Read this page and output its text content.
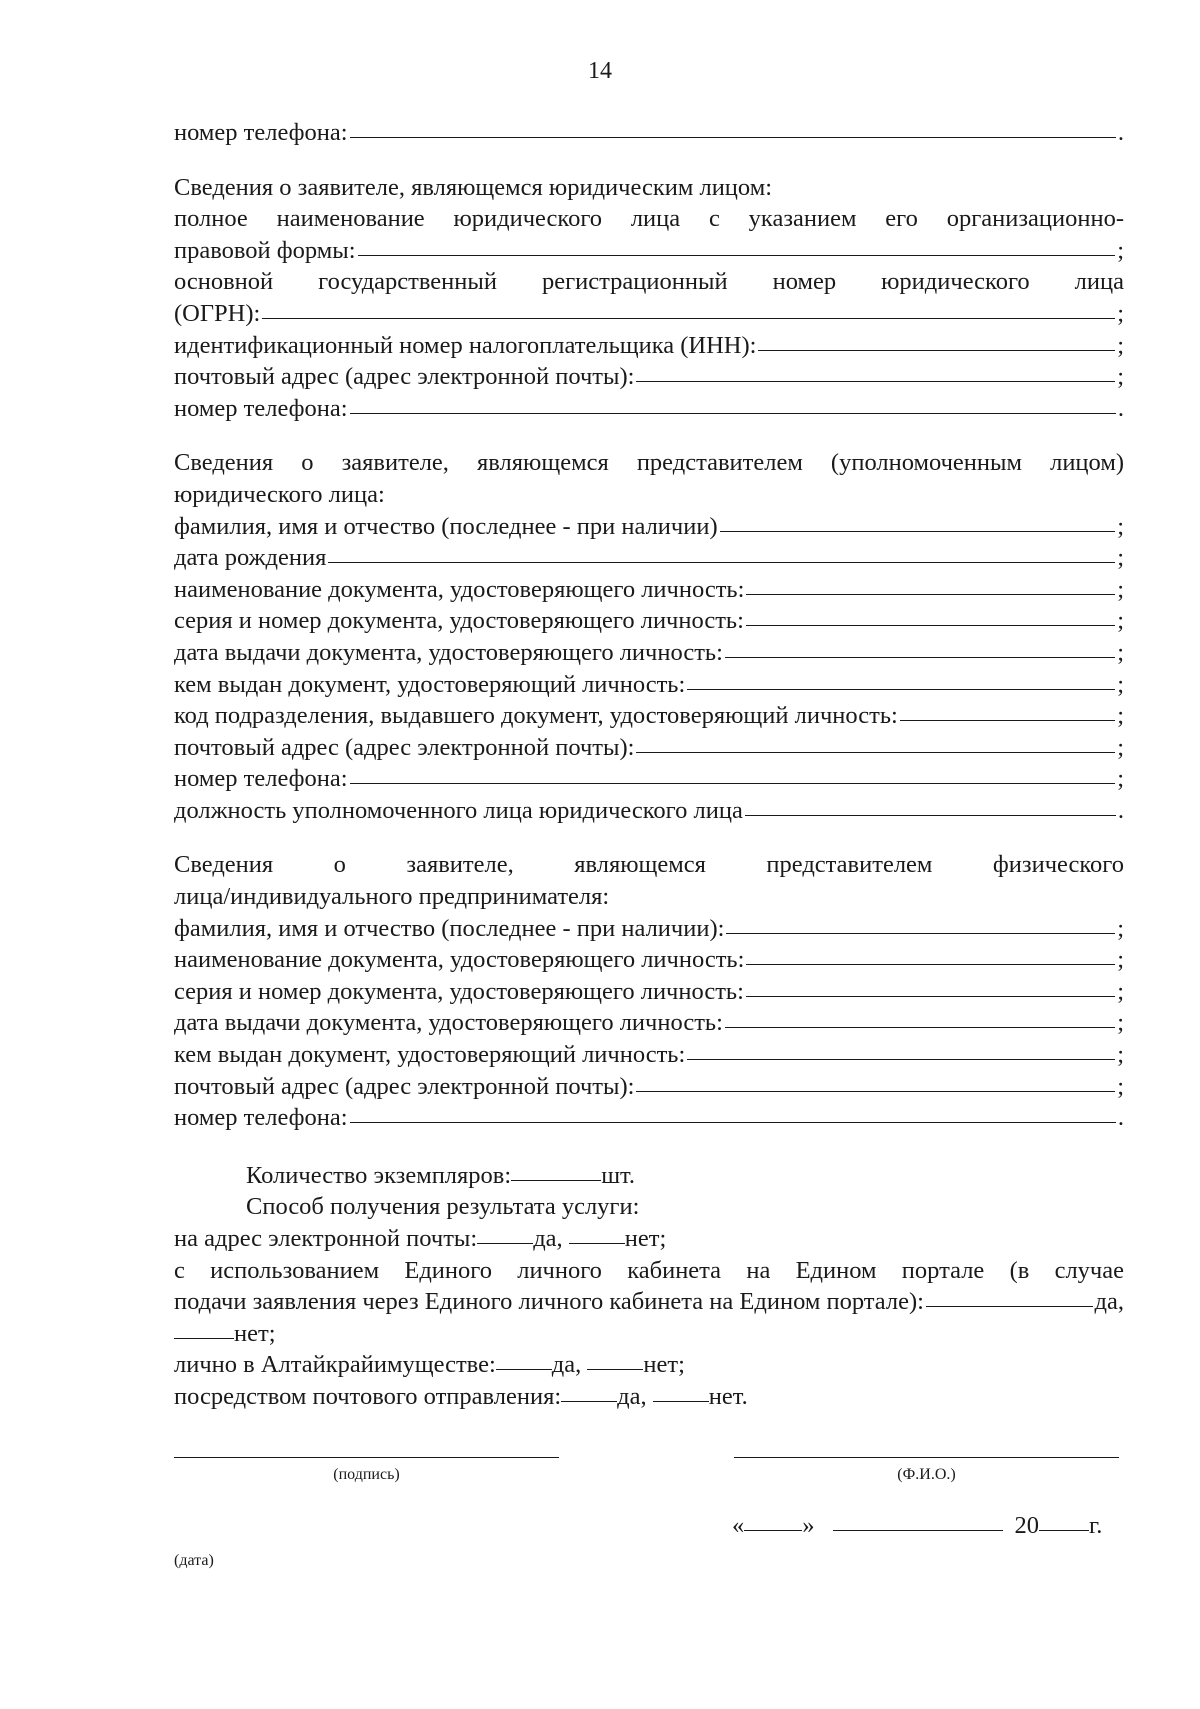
14
номер телефона:	.
Сведения о заявителе, являющемся юридическим лицом:
полное наименование юридического лица с указанием его организационно-
правовой формы:	;
основной государственный регистрационный номер юридического лица
(ОГРН):	;
идентификационный номер налогоплательщика (ИНН):	;
почтовый адрес (адрес электронной почты):	;
номер телефона:	.
Сведения о заявителе, являющемся представителем (уполномоченным лицом)
юридического лица:
фамилия, имя и отчество (последнее - при наличии)	;
дата рождения	;
наименование документа, удостоверяющего личность:	;
серия и номер документа, удостоверяющего личность:	;
дата выдачи документа, удостоверяющего личность:	;
кем выдан документ, удостоверяющий личность:	;
код подразделения, выдавшего документ, удостоверяющий личность:	;
почтовый адрес (адрес электронной почты):	;
номер телефона:	;
должность уполномоченного лица юридического лица	.
Сведения о заявителе, являющемся представителем физического
лица/индивидуального предпринимателя:
фамилия, имя и отчество (последнее - при наличии):	;
наименование документа, удостоверяющего личность:	;
серия и номер документа, удостоверяющего личность:	;
дата выдачи документа, удостоверяющего личность:	;
кем выдан документ, удостоверяющий личность:	;
почтовый адрес (адрес электронной почты):	;
номер телефона:	.
Количество экземпляров:	шт.
Способ получения результата услуги:
на адрес электронной почты: да,
	нет;
с использованием Единого личного кабинета на Едином портале (в случае
подачи заявления через Единого личного кабинета на Едином портале):	да,
нет;
лично в Алтайкрайимуществе: да,
	нет;
посредством почтового отправления: да,
	нет.
(подпись)	(Ф.И.О.)
« »	20 г.
(дата)
